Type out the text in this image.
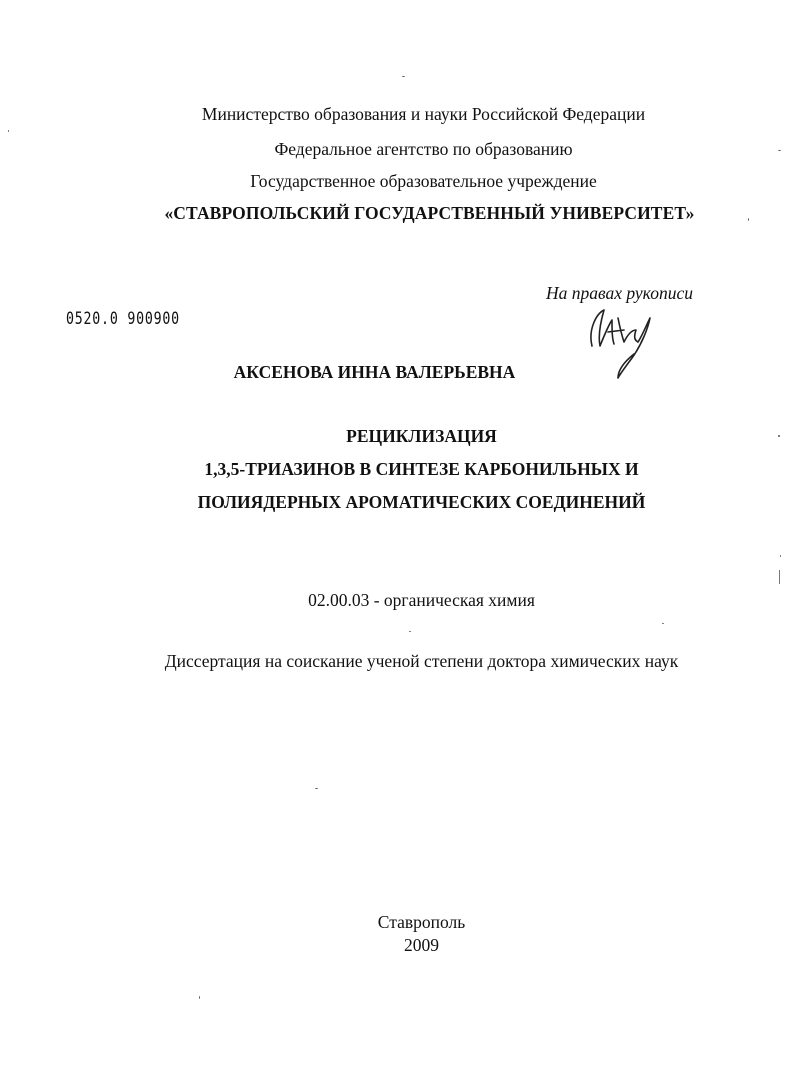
Министерство образования и науки Российской Федерации
Федеральное агентство по образованию
Государственное образовательное учреждение
«СТАВРОПОЛЬСКИЙ ГОСУДАРСТВЕННЫЙ УНИВЕРСИТЕТ»
На правах рукописи
0520.0 900900
АКСЕНОВА ИННА ВАЛЕРЬЕВНА
РЕЦИКЛИЗАЦИЯ
1,3,5-ТРИАЗИНОВ В СИНТЕЗЕ КАРБОНИЛЬНЫХ И
ПОЛИЯДЕРНЫХ АРОМАТИЧЕСКИХ СОЕДИНЕНИЙ
02.00.03 - органическая химия
Диссертация на соискание ученой степени доктора химических наук
Ставрополь
2009
